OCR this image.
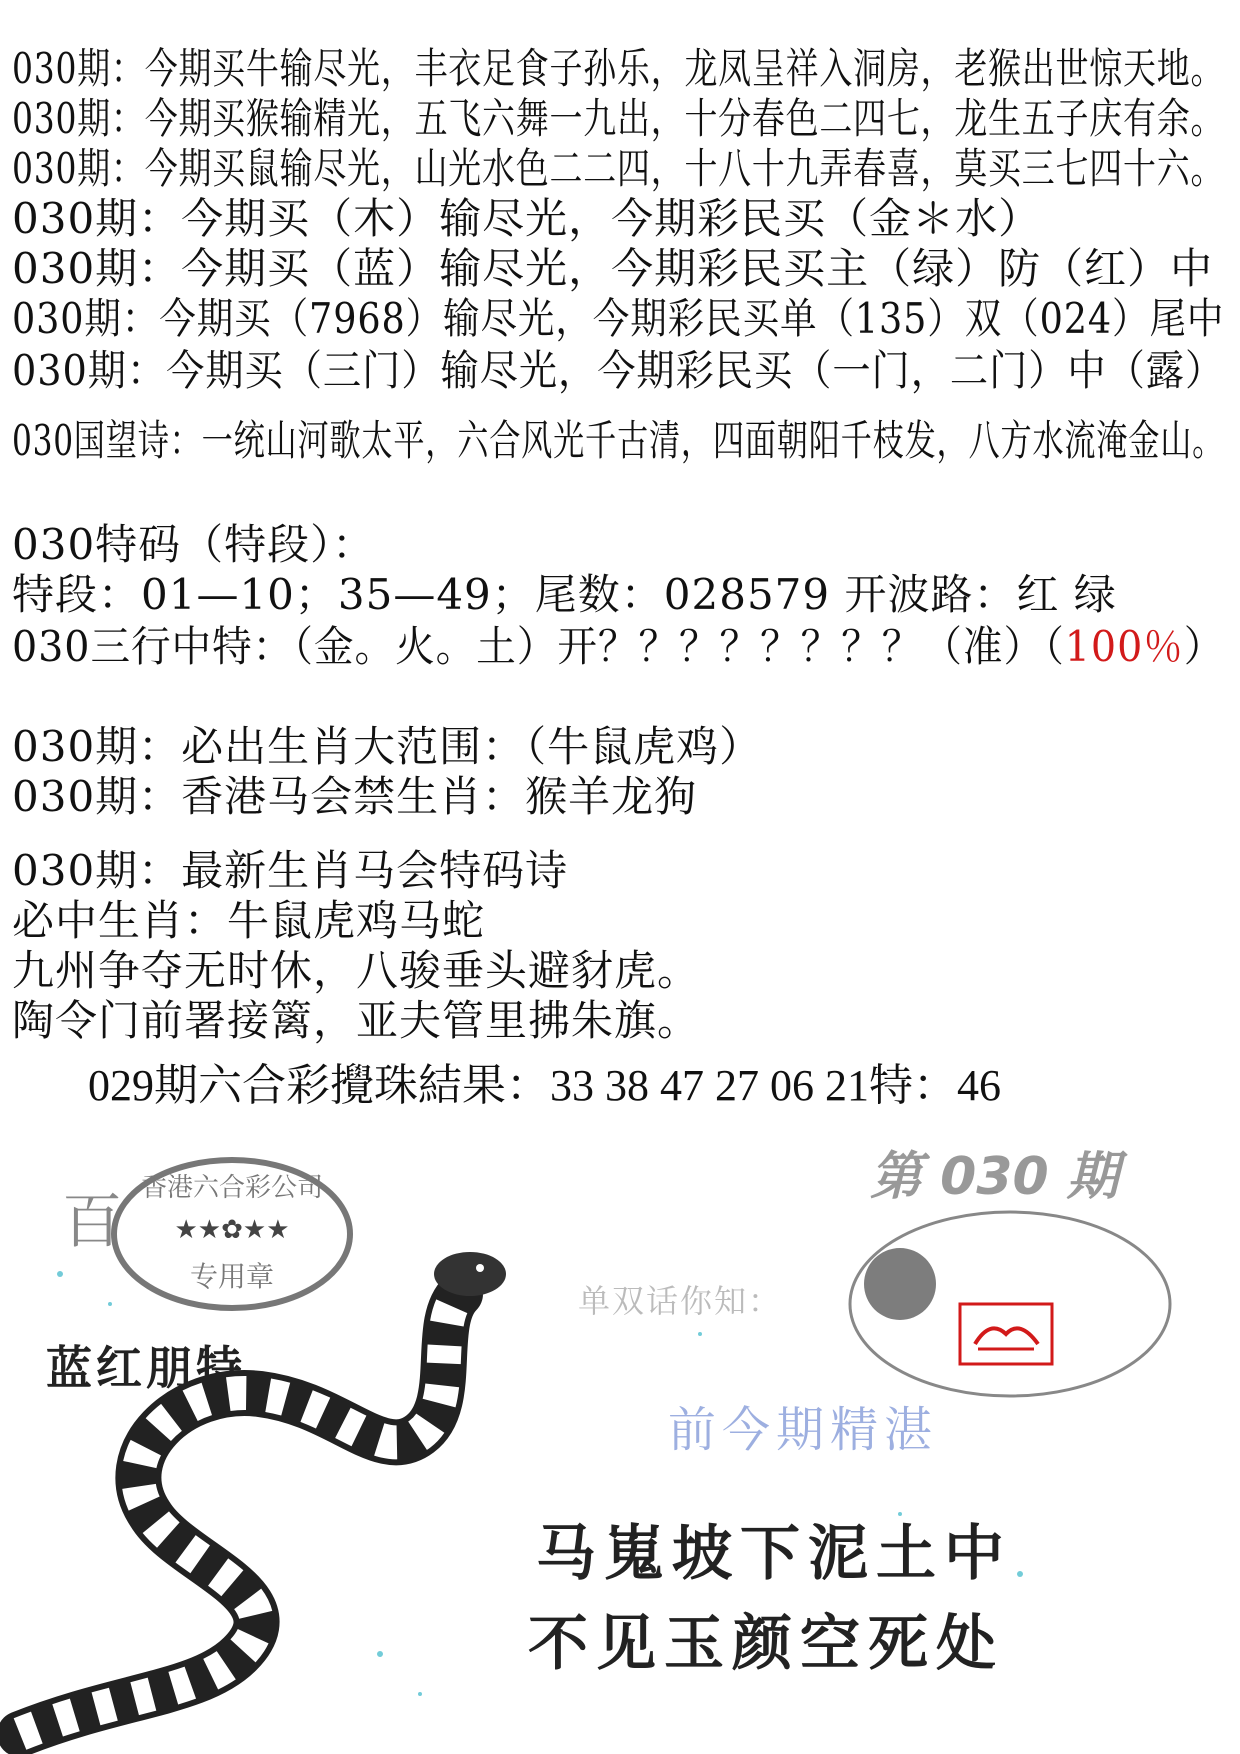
030期：今期买牛输尽光，丰衣足食子孙乐，龙凤呈祥入洞房，老猴出世惊天地。
030期：今期买猴输精光，五飞六舞一九出，十分春色二四七，龙生五子庆有余。
030期：今期买鼠输尽光，山光水色二二四，十八十九弄春喜，莫买三七四十六。
030期：今期买（木）输尽光，今期彩民买（金＊水）
030期：今期买（蓝）输尽光，今期彩民买主（绿）防（红）中
030期：今期买（7968）输尽光，今期彩民买单（135）双（024）尾中
030期：今期买（三门）输尽光，今期彩民买（一门，二门）中（露）
030国望诗：一统山河歌太平，六合风光千古清，四面朝阳千枝发，八方水流淹金山。
030特码（特段）：
特段：01—10；35—49；尾数：028579 开波路：红 绿
030三行中特：（金。火。土）开？？？？？？？？（准）（100％）
030期：必出生肖大范围：（牛鼠虎鸡）
030期：香港马会禁生肖：猴羊龙狗
030期：最新生肖马会特码诗
必中生肖：牛鼠虎鸡马蛇
九州争夺无时休，八骏垂头避豺虎。
陶令门前署接篱，亚夫管里拂朱旗。
029期六合彩攪珠結果：33 38 47 27 06 21特：46
百 香港六合彩公司
★★✿★★
专用章
蓝红朋特
第 030 期
单双话你知：
前今期精湛
马嵬坡下泥土中
不见玉颜空死处
